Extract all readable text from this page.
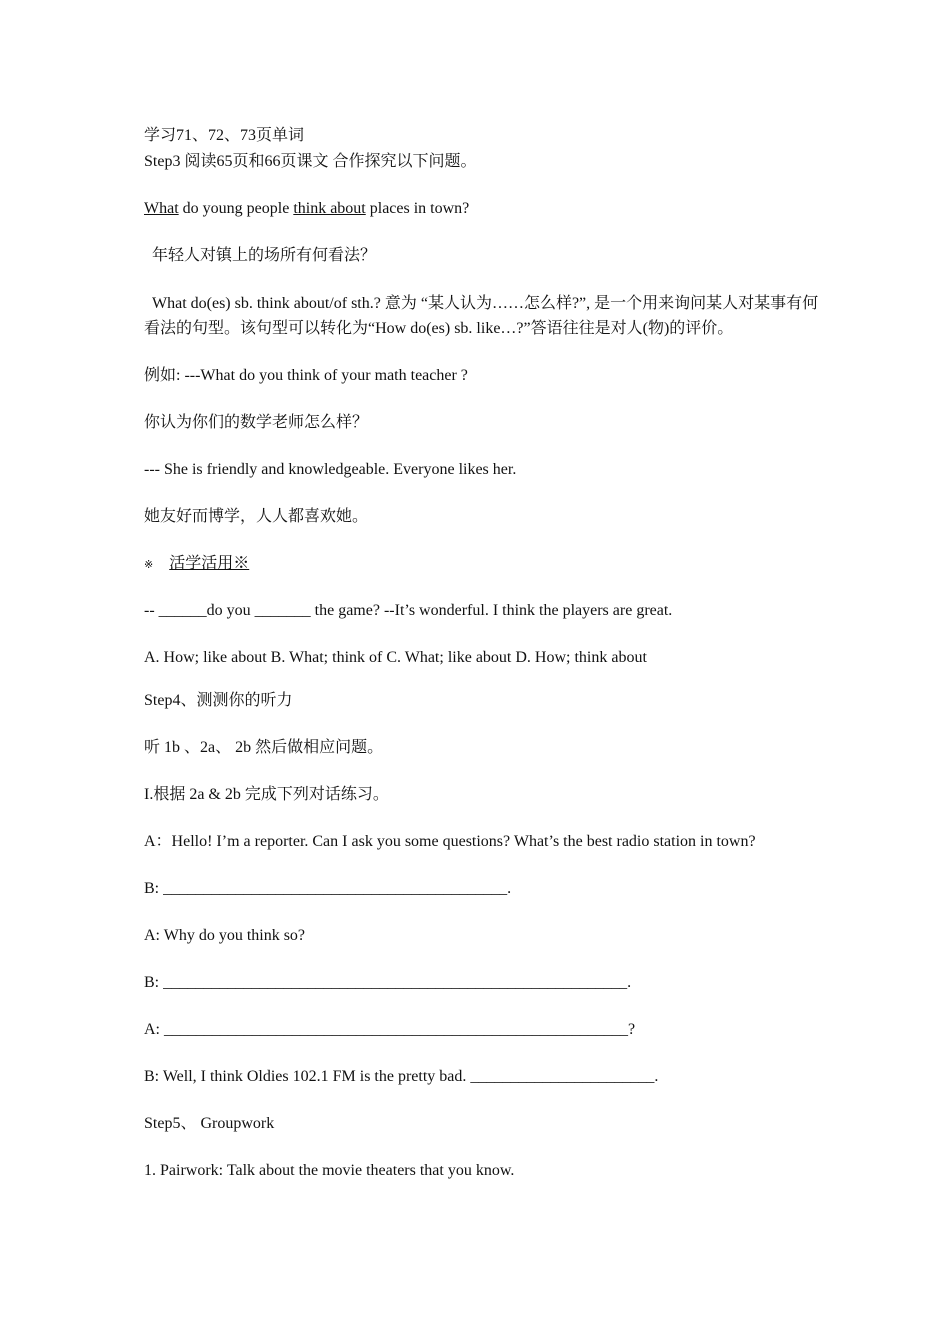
学习71、72、73页单词

Step3 阅读65页和66页课文 合作探究以下问题。

What do young people think about places in town?

年轻人对镇上的场所有何看法？

What do(es) sb. think about/of sth.? 意为 “某人认为……怎么样?”, 是一个用来询问某人对某事有何看法的句型。该句型可以转化为“How do(es) sb. like…?”答语往往是对人(物)的评价。

例如: ---What do you think of your math teacher ?

你认为你们的数学老师怎么样？

--- She is friendly and knowledgeable. Everyone likes her.

她友好而博学，人人都喜欢她。

※ 活学活用※

-- ______do you _______ the game? --It’s wonderful. I think the players are great.

A. How; like about B. What; think of C. What; like about D. How; think about

Step4、测测你的听力

听 1b 、2a、 2b 然后做相应问题。

I.根据 2a & 2b 完成下列对话练习。

A：Hello! I’m a reporter. Can I ask you some questions? What’s the best radio station in town?

B: ___________________________________________.

A: Why do you think so?

B: __________________________________________________________.

A: __________________________________________________________?

B: Well, I think Oldies 102.1 FM is the pretty bad. _______________________.

Step5、 Groupwork

1. Pairwork: Talk about the movie theaters that you know.
